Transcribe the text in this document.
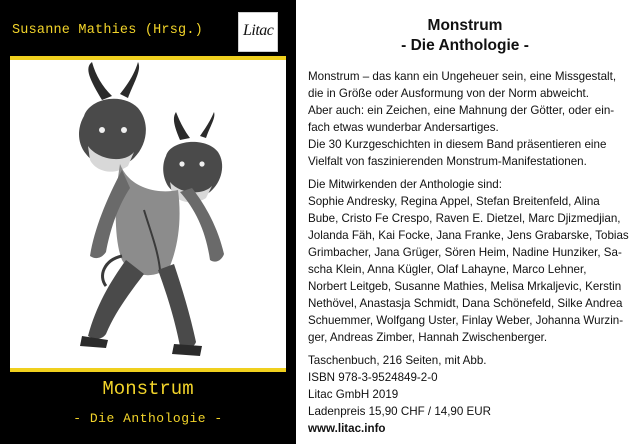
Susanne Mathies (Hrsg.)	Litac
Monstrum
- Die Anthologie -
Monstrum
- Die Anthologie -
Monstrum – das kann ein Ungeheuer sein, eine Missgestalt,
die in Größe oder Ausformung von der Norm abweicht.
Aber auch: ein Zeichen, eine Mahnung der Götter, oder ein-
fach etwas wunderbar Andersartiges.
Die 30 Kurzgeschichten in diesem Band präsentieren eine
Vielfalt von faszinierenden Monstrum-Manifestationen.
Die Mitwirkenden der Anthologie sind:
Sophie Andresky, Regina Appel, Stefan Breitenfeld, Alina
Bube, Cristo Fe Crespo, Raven E. Dietzel, Marc Djizmedjian,
Jolanda Fäh, Kai Focke, Jana Franke, Jens Grabarske, Tobias
Grimbacher, Jana Grüger, Sören Heim, Nadine Hunziker, Sa-
scha Klein, Anna Kügler, Olaf Lahayne, Marco Lehner,
Norbert Leitgeb, Susanne Mathies, Melisa Mrkaljevic, Kerstin
Nethövel, Anastasja Schmidt, Dana Schönefeld, Silke Andrea
Schuemmer, Wolfgang Uster, Finlay Weber, Johanna Wurzin-
ger, Andreas Zimber, Hannah Zwischenberger.
Taschenbuch, 216 Seiten, mit Abb.
ISBN 978-3-9524849-2-0
Litac GmbH 2019
Ladenpreis 15,90 CHF / 14,90 EUR
www.litac.info
